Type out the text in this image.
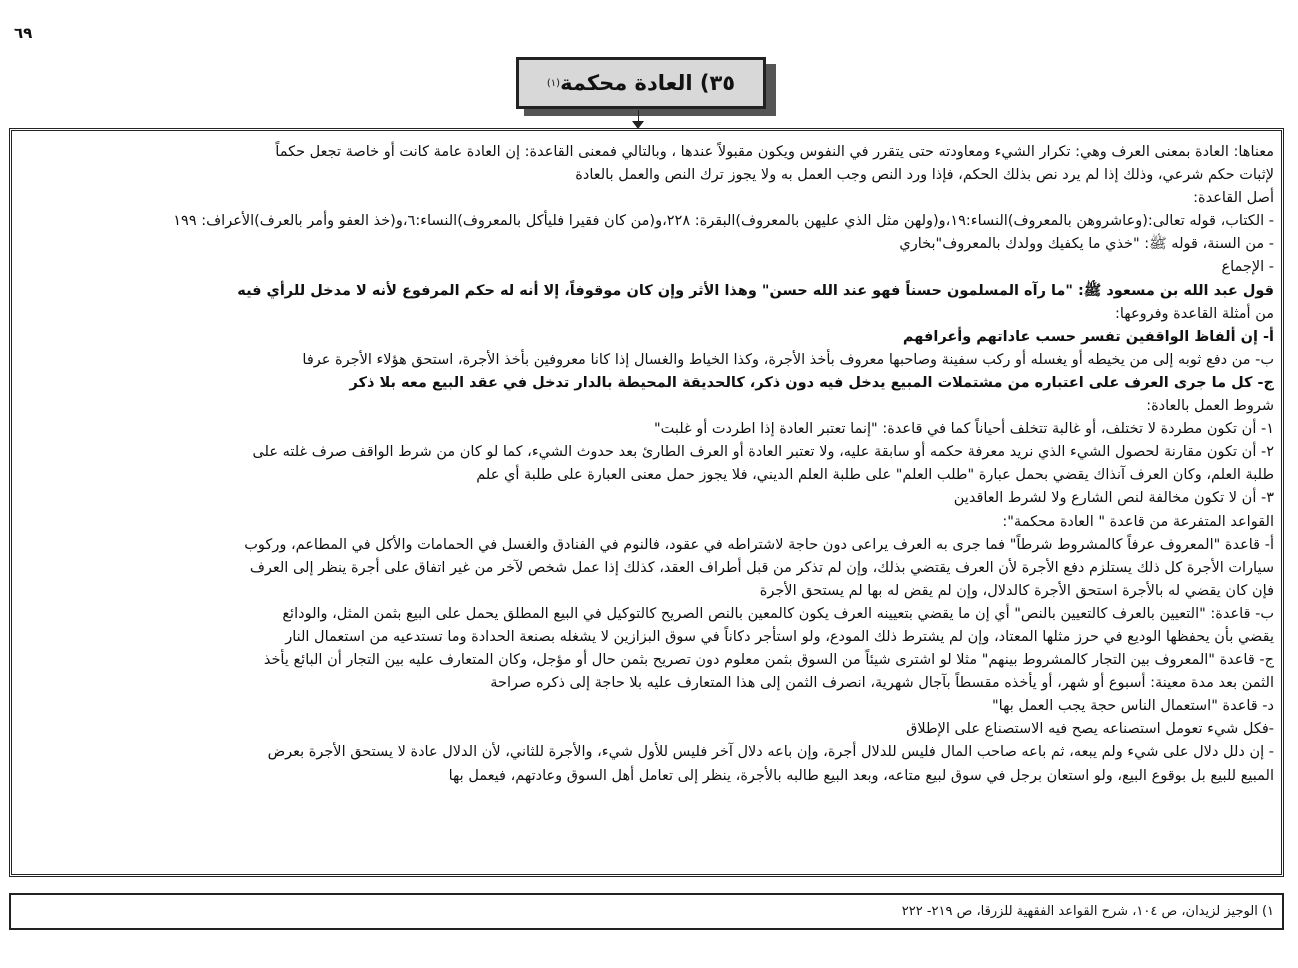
٦٩
٣٥) العادة محكمة
(١)

معناها: العادة بمعنى العرف وهي: تكرار الشيء ومعاودته حتى يتقرر في النفوس ويكون مقبولاً عندها ، وبالتالي فمعنى القاعدة: إن العادة عامة كانت أو خاصة تجعل حكماً

لإثبات حكم شرعي، وذلك إذا لم يرد نص بذلك الحكم، فإذا ورد النص وجب العمل به ولا يجوز ترك النص والعمل بالعادة

أصل القاعدة:

- الكتاب، قوله تعالى:(وعاشروهن بالمعروف)النساء:١٩،و(ولهن مثل الذي عليهن بالمعروف)البقرة: ٢٢٨،و(من كان فقيرا فليأكل بالمعروف)النساء:٦،و(خذ العفو وأمر بالعرف)الأعراف: ١٩٩

- من السنة، قوله ﷺ: "خذي ما يكفيك وولدك بالمعروف"بخاري

- الإجماع

قول عبد الله بن مسعود ﷺ: "ما رآه المسلمون حسناً فهو عند الله حسن" وهذا الأثر وإن كان موقوفاً، إلا أنه له حكم المرفوع لأنه لا مدخل للرأي فيه

من أمثلة القاعدة وفروعها:

أ- إن ألفاظ الواقفين تفسر حسب عاداتهم وأعرافهم

ب- من دفع ثوبه إلى من يخيطه أو يغسله أو ركب سفينة وصاحبها معروف بأخذ الأجرة، وكذا الخياط والغسال إذا كانا معروفين بأخذ الأجرة، استحق هؤلاء الأجرة عرفا

ج- كل ما جرى العرف على اعتباره من مشتملات المبيع يدخل فيه دون ذكر، كالحديقة المحيطة بالدار تدخل في عقد البيع معه بلا ذكر

شروط العمل بالعادة:

١- أن تكون مطردة لا تختلف، أو غالبة تتخلف أحياناً كما في قاعدة: "إنما تعتبر العادة إذا اطردت أو غلبت"

٢- أن تكون مقارنة لحصول الشيء الذي نريد معرفة حكمه أو سابقة عليه، ولا تعتبر العادة أو العرف الطارئ بعد حدوث الشيء، كما لو كان من شرط الواقف صرف غلته على

طلبة العلم، وكان العرف آنذاك يقضي بحمل عبارة "طلب العلم" على طلبة العلم الديني، فلا يجوز حمل معنى العبارة على طلبة أي علم

٣- أن لا تكون مخالفة لنص الشارع ولا لشرط العاقدين

القواعد المتفرعة من قاعدة " العادة محكمة":

أ- قاعدة "المعروف عرفاً كالمشروط شرطاً" فما جرى به العرف يراعى دون حاجة لاشتراطه في عقود، فالنوم في الفنادق والغسل في الحمامات والأكل في المطاعم، وركوب

سيارات الأجرة كل ذلك يستلزم دفع الأجرة لأن العرف يقتضي بذلك، وإن لم تذكر من قبل أطراف العقد، كذلك إذا عمل شخص لآخر من غير اتفاق على أجرة ينظر إلى العرف

فإن كان يقضي له بالأجرة استحق الأجرة كالدلال، وإن لم يقض له بها لم يستحق الأجرة

ب- قاعدة: "التعيين بالعرف كالتعيين بالنص" أي إن ما يقضي بتعيينه العرف يكون كالمعين بالنص الصريح كالتوكيل في البيع المطلق يحمل على البيع بثمن المثل، والودائع

يقضي بأن يحفظها الوديع في حرز مثلها المعتاد، وإن لم يشترط ذلك المودع، ولو استأجر دكاناً في سوق البزازين لا يشغله بصنعة الحدادة وما تستدعيه من استعمال النار

ج- قاعدة "المعروف بين التجار كالمشروط بينهم" مثلا لو اشترى شيئاً من السوق بثمن معلوم دون تصريح بثمن حال أو مؤجل، وكان المتعارف عليه بين التجار أن البائع يأخذ

الثمن بعد مدة معينة: أسبوع أو شهر، أو يأخذه مقسطاً بآجال شهرية، انصرف الثمن إلى هذا المتعارف عليه بلا حاجة إلى ذكره صراحة

د- قاعدة "استعمال الناس حجة يجب العمل بها"

-فكل شيء تعومل استصناعه يصح فيه الاستصناع على الإطلاق

- إن دلل دلال على شيء ولم يبعه، ثم باعه صاحب المال فليس للدلال أجرة، وإن باعه دلال آخر فليس للأول شيء، والأجرة للثاني، لأن الدلال عادة لا يستحق الأجرة بعرض

المبيع للبيع بل بوقوع البيع، ولو استعان برجل في سوق لبيع متاعه، وبعد البيع طالبه بالأجرة، ينظر إلى تعامل أهل السوق وعادتهم، فيعمل بها

١) الوجيز لزيدان، ص ١٠٤، شرح القواعد الفقهية للزرقا، ص ٢١٩- ٢٢٢
